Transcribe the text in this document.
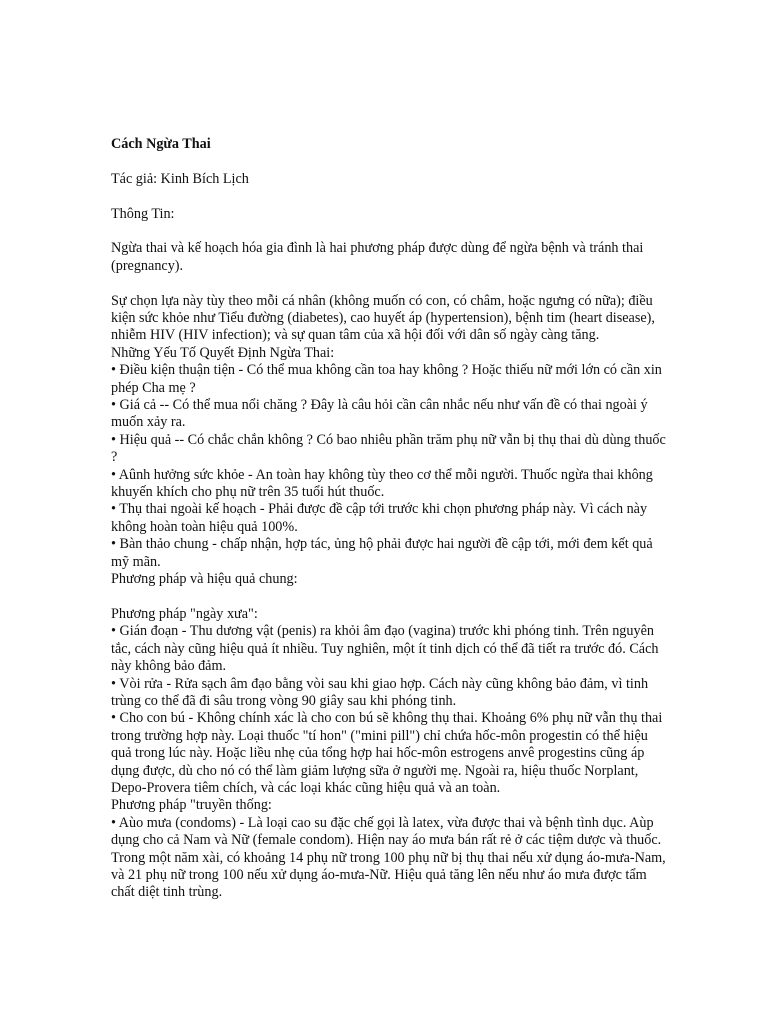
Cách Ngừa Thai
Tác giả: Kinh Bích Lịch
Thông Tin:
Ngừa thai và kế hoạch hóa gia đình là hai phương pháp được dùng để ngừa bệnh và tránh thai (pregnancy).
Sự chọn lựa này tùy theo mỗi cá nhân (không muốn có con, có châm, hoặc ngưng có nữa); điều kiện sức khỏe như Tiểu đường (diabetes), cao huyết áp (hypertension), bệnh tim (heart disease), nhiễm HIV (HIV infection); và sự quan tâm của xã hội đối với dân số ngày càng tăng.
Những Yếu Tố Quyết Định Ngừa Thai:
• Điều kiện thuận tiện - Có thể mua không cần toa hay không ? Hoặc thiếu nữ mới lớn có cần xin phép Cha mẹ ?
• Giá cả -- Có thể mua nổi chăng ? Đây là câu hỏi cần cân nhắc nếu như vấn đề có thai ngoài ý muốn xảy ra.
• Hiệu quả -- Có chắc chắn không ? Có bao nhiêu phần trăm phụ nữ vẫn bị thụ thai dù dùng thuốc ?
• Aûnh hưởng sức khỏe - An toàn hay không tùy theo cơ thể mỗi người. Thuốc ngừa thai không khuyến khích cho phụ nữ trên 35 tuổi hút thuốc.
• Thụ thai ngoài kế hoạch - Phải được đề cập tới trước khi chọn phương pháp này. Vì cách này không hoàn toàn hiệu quả 100%.
• Bàn thảo chung - chấp nhận, hợp tác, ủng hộ phải được hai người đề cập tới, mới đem kết quả mỹ mãn.
Phương pháp và hiệu quả chung:
Phương pháp "ngày xưa":
• Gián đoạn - Thu dương vật (penis) ra khỏi âm đạo (vagina) trước khi phóng tinh. Trên nguyên tắc, cách này cũng hiệu quả ít nhiều. Tuy nghiên, một ít tinh dịch có thể đã tiết ra trước đó. Cách này không bảo đảm.
• Vòi rửa - Rửa sạch âm đạo bằng vòi sau khi giao hợp. Cách này cũng không bảo đảm, vì tinh trùng co thể đã đi sâu trong vòng 90 giây sau khi phóng tinh.
• Cho con bú - Không chính xác là cho con bú sẽ không thụ thai. Khoảng 6% phụ nữ vẫn thụ thai trong trường hợp này. Loại thuốc "tí hon" ("mini pill") chỉ chứa hốc-môn progestin có thể hiệu quả trong lúc này. Hoặc liều nhẹ của tổng hợp hai hốc-môn estrogens anvê progestins cũng áp dụng được, dù cho nó có thể làm giảm lượng sữa ở người mẹ. Ngoài ra, hiệu thuốc Norplant, Depo-Provera tiêm chích, và các loại khác cũng hiệu quả và an toàn.
Phương pháp "truyền thống:
• Aùo mưa (condoms) - Là loại cao su đặc chế gọi là latex, vừa được thai và bệnh tình dục. Aùp dụng cho cả Nam và Nữ (female condom). Hiện nay áo mưa bán rất rẻ ở các tiệm dược và thuốc. Trong một năm xài, có khoảng 14 phụ nữ trong 100 phụ nữ bị thụ thai nếu xử dụng áo-mưa-Nam, và 21 phụ nữ trong 100 nếu xử dụng áo-mưa-Nữ. Hiệu quả tăng lên nếu như áo mưa được tẩm chất diệt tinh trùng.
